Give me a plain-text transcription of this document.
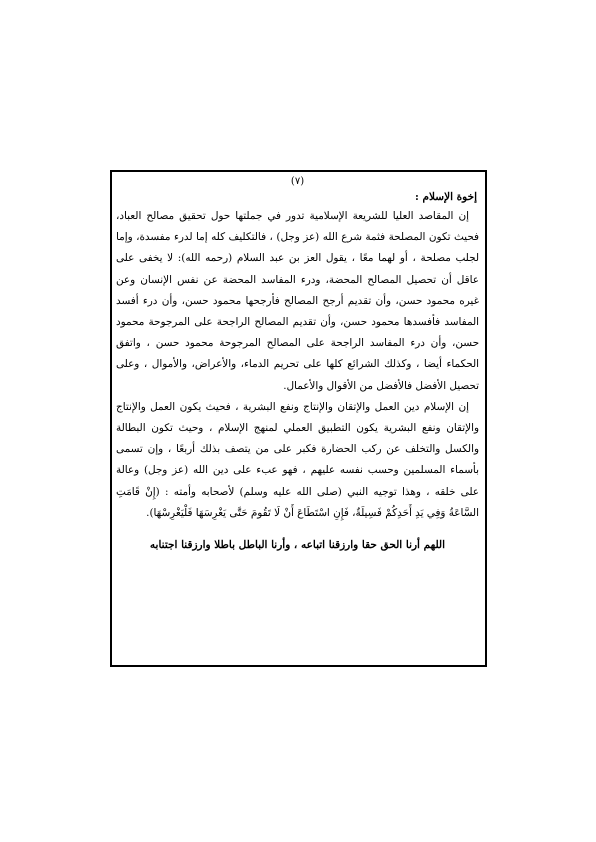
(٧)
إخوة الإسلام :

إن المقاصد العليا للشريعة الإسلامية تدور في جملتها حول تحقيق مصالح العباد، فحيث تكون المصلحة فثمة شرع الله (عز وجل) ، فالتكليف كله إما لدرء مفسدة، وإما لجلب مصلحة ، أو لهما معًا ، يقول العز بن عبد السلام (رحمه الله): لا يخفى على عاقل أن تحصيل المصالح المحضة، ودرء المفاسد المحضة عن نفس الإنسان وعن غيره محمود حسن، وأن تقديم أرجح المصالح فأرجحها محمود حسن، وأن درء أفسد المفاسد فأفسدها محمود حسن، وأن تقديم المصالح الراجحة على المرجوحة محمود حسن، وأن درء المفاسد الراجحة على المصالح المرجوحة محمود حسن ، واتفق الحكماء أيضا ، وكذلك الشرائع كلها على تحريم الدماء، والأعراض، والأموال ، وعلى تحصيل الأفضل فالأفضل من الأقوال والأعمال.

إن الإسلام دين العمل والإتقان والإنتاج ونفع البشرية ، فحيث يكون العمل والإنتاج والإتقان ونفع البشرية يكون التطبيق العملي لمنهج الإسلام ، وحيث تكون البطالة والكسل والتخلف عن ركب الحضارة فكبر على من يتصف بذلك أربعًا ، وإن تسمى بأسماء المسلمين وحسب نفسه عليهم ، فهو عبء على دين الله (عز وجل) وعالة على خلقه ، وهذا توجيه النبي (صلى الله عليه وسلم) لأصحابه وأمته : (إِنْ قَامَتِ السَّاعَةُ وَفِي يَدِ أَحَدِكُمْ فَسِيلَةٌ، فَإِنِ اسْتَطَاعَ أَنْ لَا تَقُومَ حَتَّى يَغْرِسَهَا فَلْيَغْرِسْهَا).

اللهم أرنا الحق حقا وارزقنا اتباعه ، وأرنا الباطل باطلا وارزقنا اجتنابه
